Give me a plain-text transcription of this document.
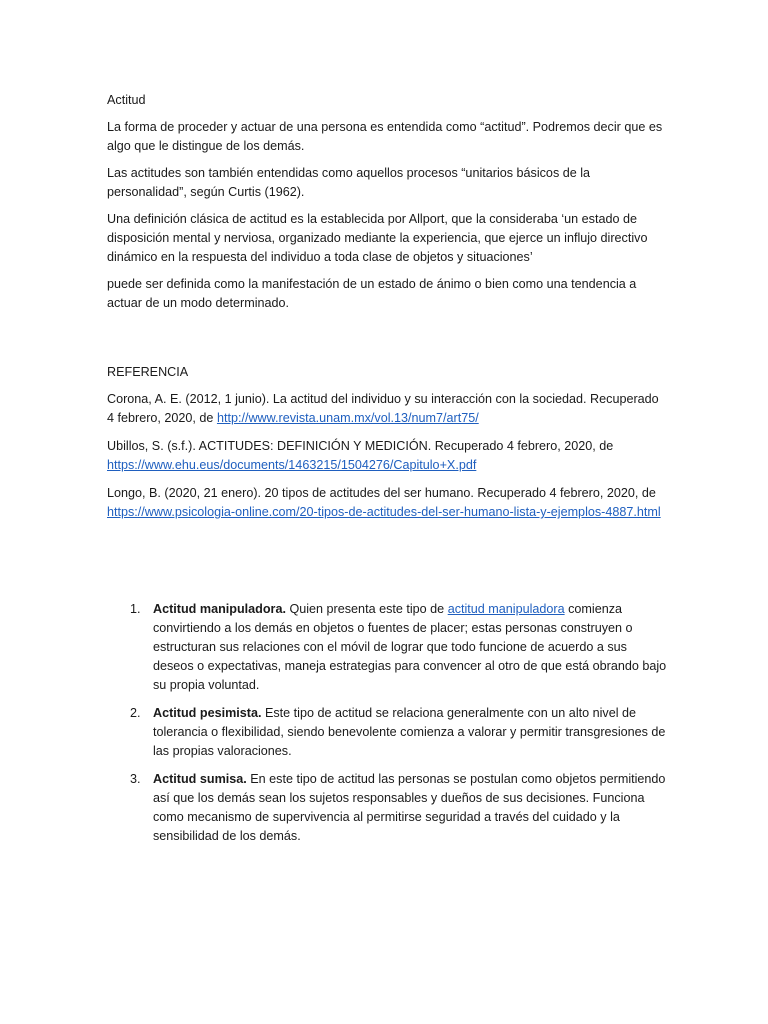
Actitud

La forma de proceder y actuar de una persona es entendida como “actitud”. Podremos decir que es algo que le distingue de los demás.

Las actitudes son también entendidas como aquellos procesos “unitarios básicos de la personalidad”, según Curtis (1962).

Una definición clásica de actitud es la establecida por Allport, que la consideraba ‘un estado de disposición mental y nerviosa, organizado mediante la experiencia, que ejerce un influjo directivo dinámico en la respuesta del individuo a toda clase de objetos y situaciones’

puede ser definida como la manifestación de un estado de ánimo o bien como una tendencia a actuar de un modo determinado.

REFERENCIA

Corona, A. E. (2012, 1 junio). La actitud del individuo y su interacción con la sociedad. Recuperado 4 febrero, 2020, de http://www.revista.unam.mx/vol.13/num7/art75/

Ubillos, S. (s.f.). ACTITUDES: DEFINICIÓN Y MEDICIÓN. Recuperado 4 febrero, 2020, de https://www.ehu.eus/documents/1463215/1504276/Capitulo+X.pdf

Longo, B. (2020, 21 enero). 20 tipos de actitudes del ser humano. Recuperado 4 febrero, 2020, de https://www.psicologia-online.com/20-tipos-de-actitudes-del-ser-humano-lista-y-ejemplos-4887.html

1. Actitud manipuladora. Quien presenta este tipo de actitud manipuladora comienza convirtiendo a los demás en objetos o fuentes de placer; estas personas construyen o estructuran sus relaciones con el móvil de lograr que todo funcione de acuerdo a sus deseos o expectativas, maneja estrategias para convencer al otro de que está obrando bajo su propia voluntad.
2. Actitud pesimista. Este tipo de actitud se relaciona generalmente con un alto nivel de tolerancia o flexibilidad, siendo benevolente comienza a valorar y permitir transgresiones de las propias valoraciones.
3. Actitud sumisa. En este tipo de actitud las personas se postulan como objetos permitiendo así que los demás sean los sujetos responsables y dueños de sus decisiones. Funciona como mecanismo de supervivencia al permitirse seguridad a través del cuidado y la sensibilidad de los demás.
